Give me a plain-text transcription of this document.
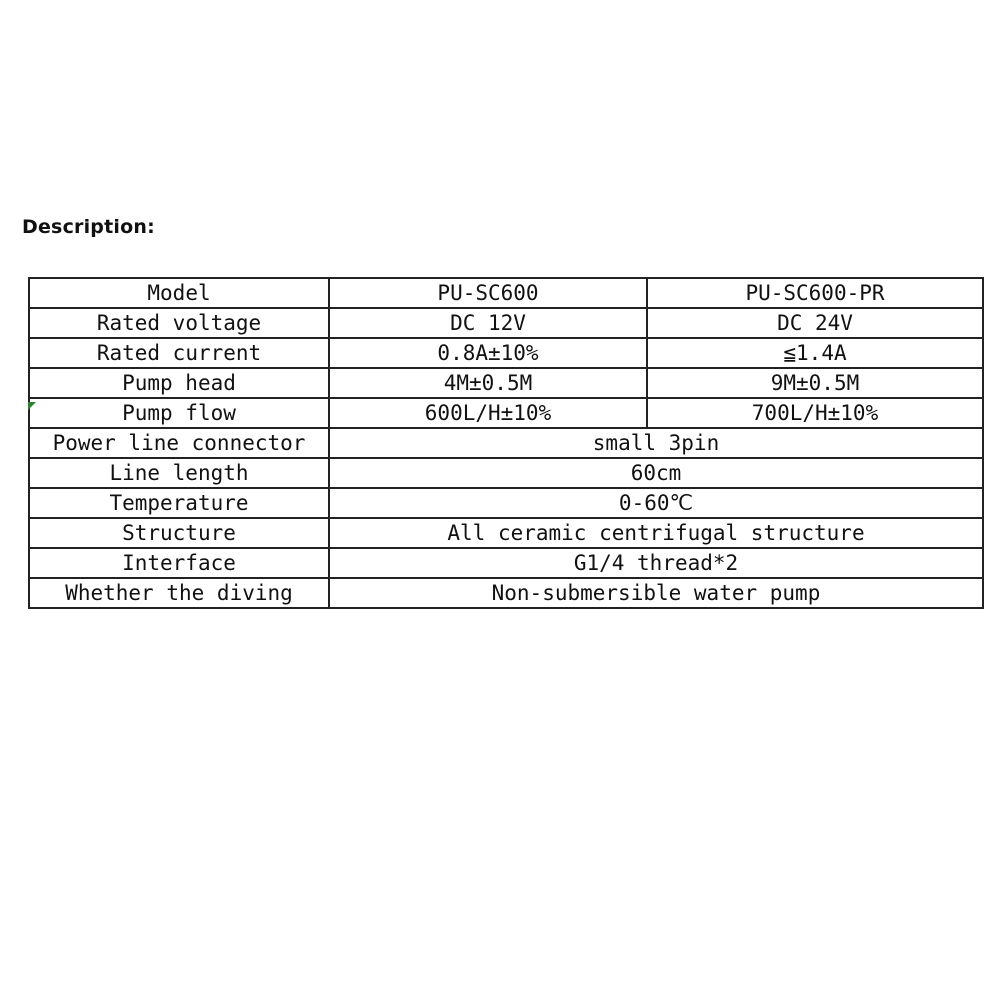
Description:
Model	PU-SC600	PU-SC600-PR
Rated voltage	DC 12V	DC 24V
Rated current	0.8A±10%	≦1.4A
Pump head	4M±0.5M	9M±0.5M
Pump flow	600L/H±10%	700L/H±10%
Power line connector	small 3pin	
Line length	60cm	
Temperature	0-60℃	
Structure	All ceramic centrifugal structure	
Interface	G1/4 thread*2	
Whether the diving	Non-submersible water pump	
